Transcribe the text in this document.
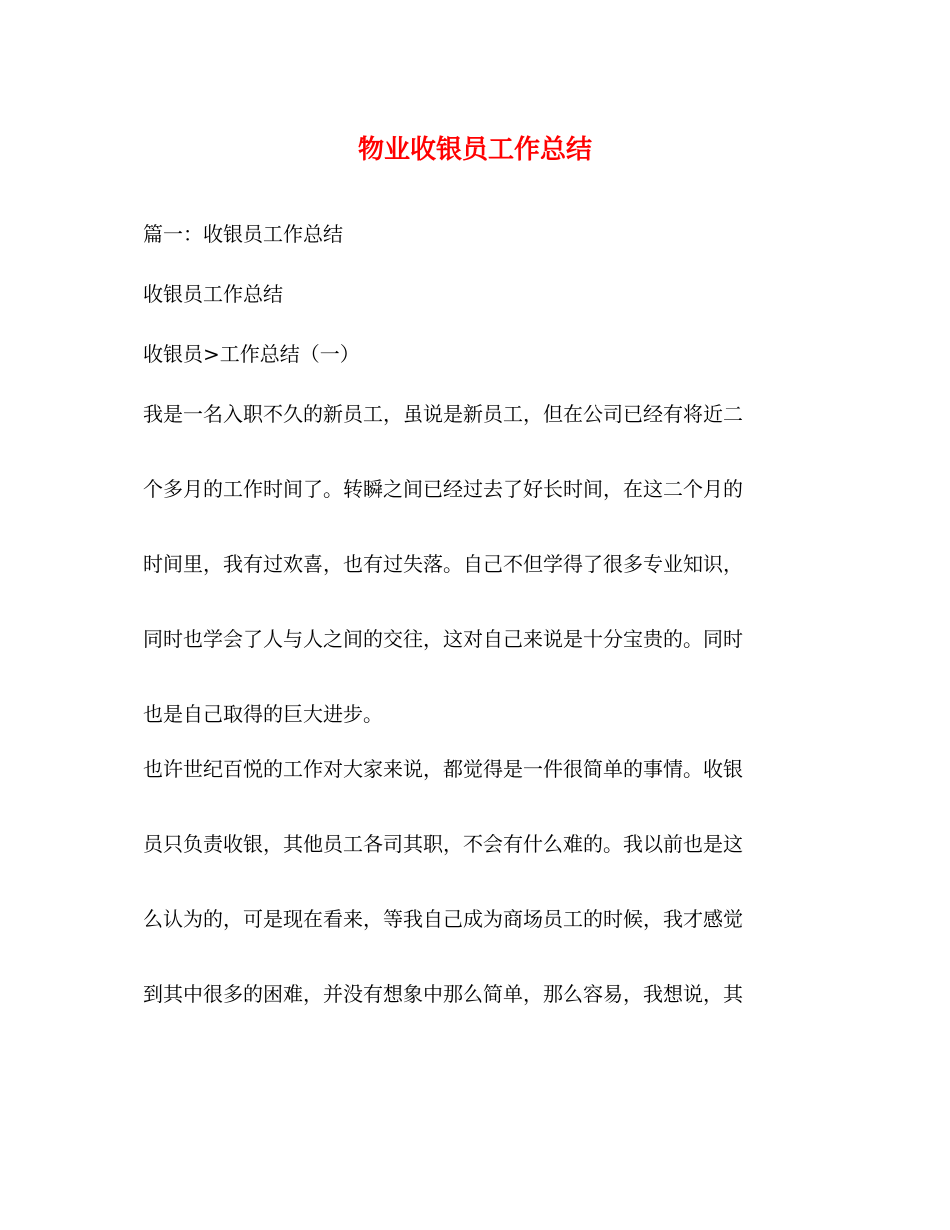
物业收银员工作总结
篇一：收银员工作总结
收银员工作总结
收银员>工作总结（一）
我是一名入职不久的新员工，虽说是新员工，但在公司已经有将近二
个多月的工作时间了。转瞬之间已经过去了好长时间，在这二个月的
时间里，我有过欢喜，也有过失落。自己不但学得了很多专业知识，
同时也学会了人与人之间的交往，这对自己来说是十分宝贵的。同时
也是自己取得的巨大进步。
也许世纪百悦的工作对大家来说，都觉得是一件很简单的事情。收银
员只负责收银，其他员工各司其职，不会有什么难的。我以前也是这
么认为的，可是现在看来，等我自己成为商场员工的时候，我才感觉
到其中很多的困难，并没有想象中那么简单，那么容易，我想说，其
